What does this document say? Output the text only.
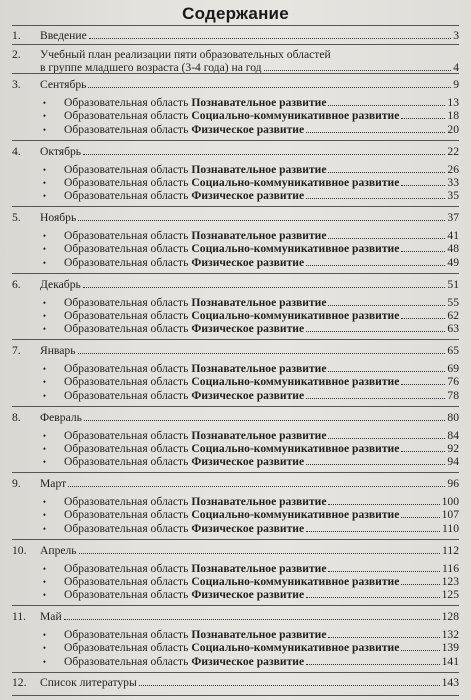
Содержание
1.	Введение	3
2.	Учебный план реализации пяти образовательных областей
в группе младшего возраста (3-4 года) на год	4
3.	Сентябрь	9
•	Образовательная область Познавательное развитие	13
•	Образовательная область Социально-коммуникативное развитие	18
•	Образовательная область Физическое развитие	20
4.	Октябрь	22
•	Образовательная область Познавательное развитие	26
•	Образовательная область Социально-коммуникативное развитие	33
•	Образовательная область Физическое развитие	35
5.	Ноябрь	37
•	Образовательная область Познавательное развитие	41
•	Образовательная область Социально-коммуникативное развитие	48
•	Образовательная область Физическое развитие	49
6.	Декабрь	51
•	Образовательная область Познавательное развитие	55
•	Образовательная область Социально-коммуникативное развитие	62
•	Образовательная область Физическое развитие	63
7.	Январь	65
•	Образовательная область Познавательное развитие	69
•	Образовательная область Социально-коммуникативное развитие	76
•	Образовательная область Физическое развитие	78
8.	Февраль	80
•	Образовательная область Познавательное развитие	84
•	Образовательная область Социально-коммуникативное развитие	92
•	Образовательная область Физическое развитие	94
9.	Март	96
•	Образовательная область Познавательное развитие	100
•	Образовательная область Социально-коммуникативное развитие	107
•	Образовательная область Физическое развитие	110
10.	Апрель	112
•	Образовательная область Познавательное развитие	116
•	Образовательная область Социально-коммуникативное развитие	123
•	Образовательная область Физическое развитие	125
11.	Май	128
•	Образовательная область Познавательное развитие	132
•	Образовательная область Социально-коммуникативное развитие	139
•	Образовательная область Физическое развитие	141
12.	Список литературы	143
